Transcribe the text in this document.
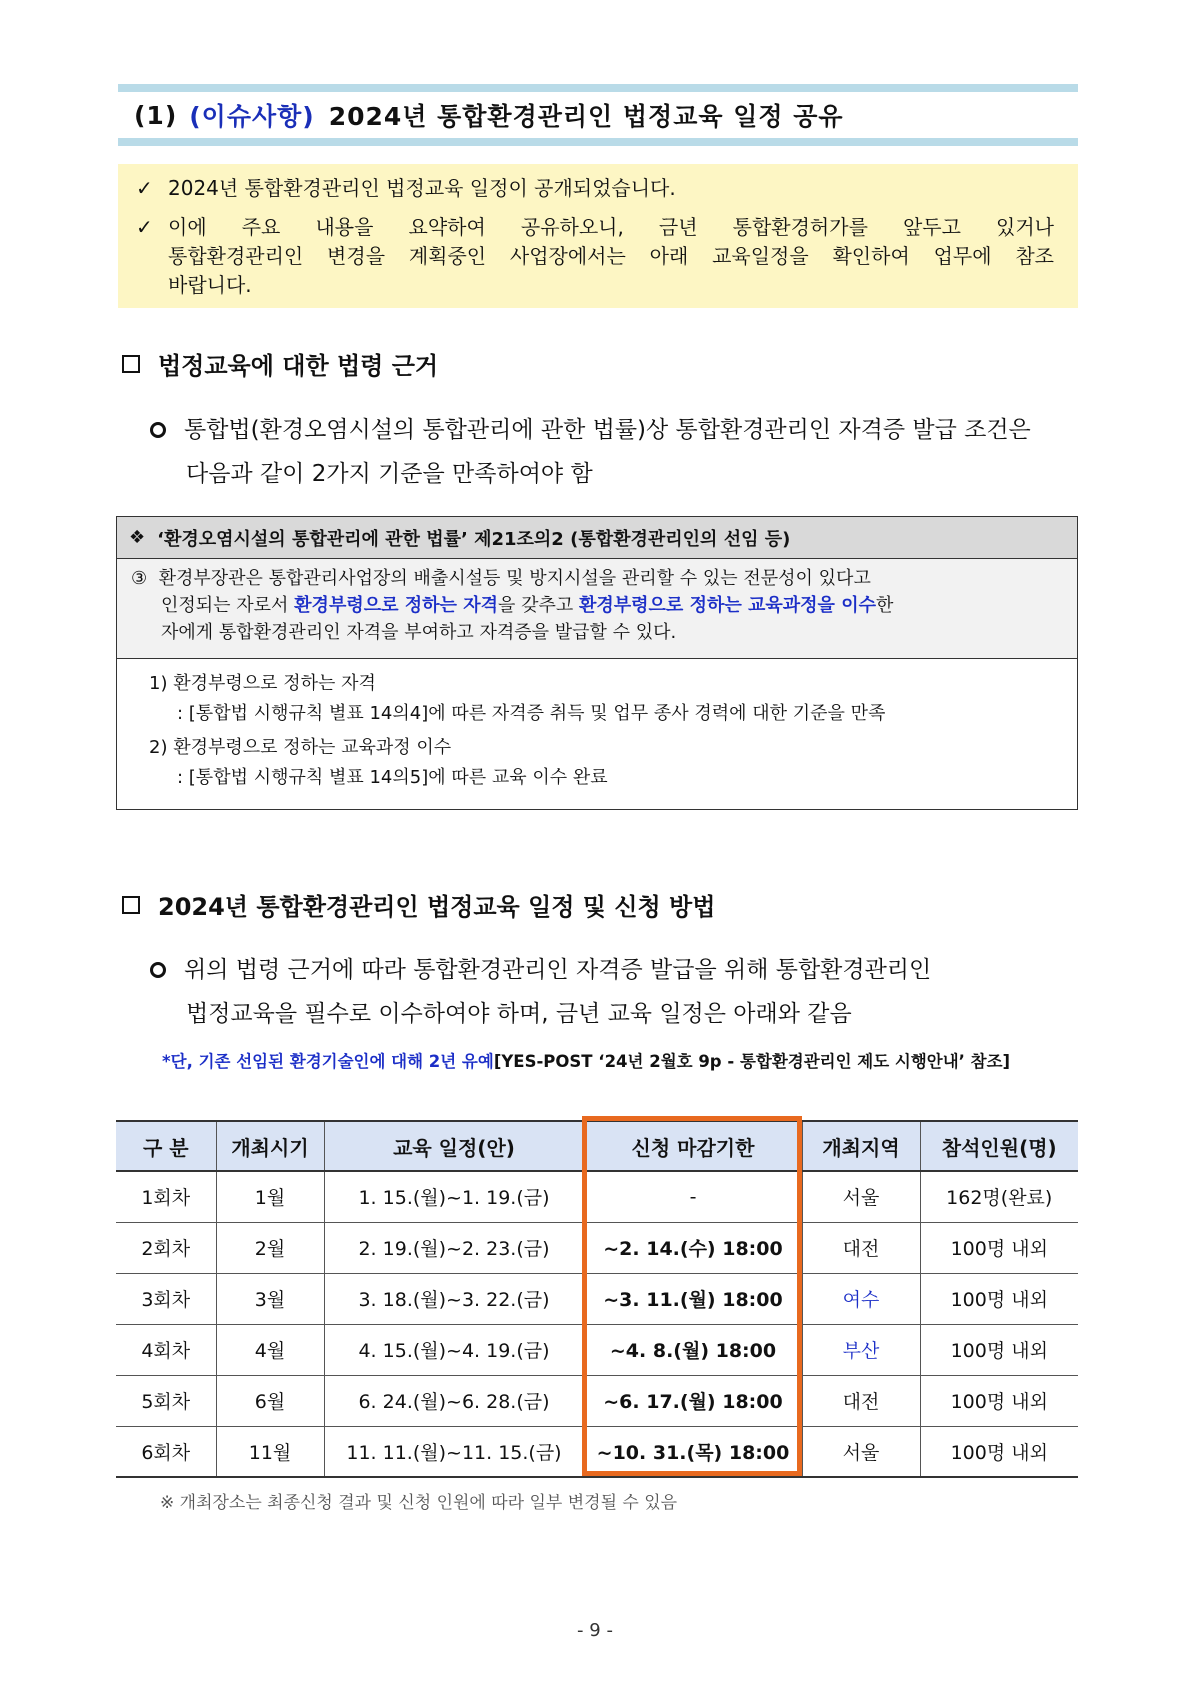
(1) (이슈사항) 2024년 통합환경관리인 법정교육 일정 공유
✓ 2024년 통합환경관리인 법정교육 일정이 공개되었습니다.
✓ 이에 주요 내용을 요약하여 공유하오니, 금년 통합환경허가를 앞두고 있거나
통합환경관리인 변경을 계획중인 사업장에서는 아래 교육일정을 확인하여 업무에 참조
바랍니다.
법정교육에 대한 법령 근거
통합법(환경오염시설의 통합관리에 관한 법률)상 통합환경관리인 자격증 발급 조건은
다음과 같이 2가지 기준을 만족하여야 함
❖ ‘환경오염시설의 통합관리에 관한 법률’ 제21조의2 (통합환경관리인의 선임 등)
③ 환경부장관은 통합관리사업장의 배출시설등 및 방지시설을 관리할 수 있는 전문성이 있다고
인정되는 자로서 환경부령으로 정하는 자격을 갖추고 환경부령으로 정하는 교육과정을 이수한
자에게 통합환경관리인 자격을 부여하고 자격증을 발급할 수 있다.
1) 환경부령으로 정하는 자격
: [통합법 시행규칙 별표 14의4]에 따른 자격증 취득 및 업무 종사 경력에 대한 기준을 만족
2) 환경부령으로 정하는 교육과정 이수
: [통합법 시행규칙 별표 14의5]에 따른 교육 이수 완료
2024년 통합환경관리인 법정교육 일정 및 신청 방법
위의 법령 근거에 따라 통합환경관리인 자격증 발급을 위해 통합환경관리인
법정교육을 필수로 이수하여야 하며, 금년 교육 일정은 아래와 같음
*단, 기존 선임된 환경기술인에 대해 2년 유예[YES-POST ‘24년 2월호 9p - 통합환경관리인 제도 시행안내’ 참조]
구 분	개최시기	교육 일정(안)	신청 마감기한	개최지역	참석인원(명)
1회차	1월	1. 15.(월)~1. 19.(금)	-	서울	162명(완료)
2회차	2월	2. 19.(월)~2. 23.(금)	~2. 14.(수) 18:00	대전	100명 내외
3회차	3월	3. 18.(월)~3. 22.(금)	~3. 11.(월) 18:00	여수	100명 내외
4회차	4월	4. 15.(월)~4. 19.(금)	~4. 8.(월) 18:00	부산	100명 내외
5회차	6월	6. 24.(월)~6. 28.(금)	~6. 17.(월) 18:00	대전	100명 내외
6회차	11월	11. 11.(월)~11. 15.(금)	~10. 31.(목) 18:00	서울	100명 내외
※ 개최장소는 최종신청 결과 및 신청 인원에 따라 일부 변경될 수 있음
- 9 -
